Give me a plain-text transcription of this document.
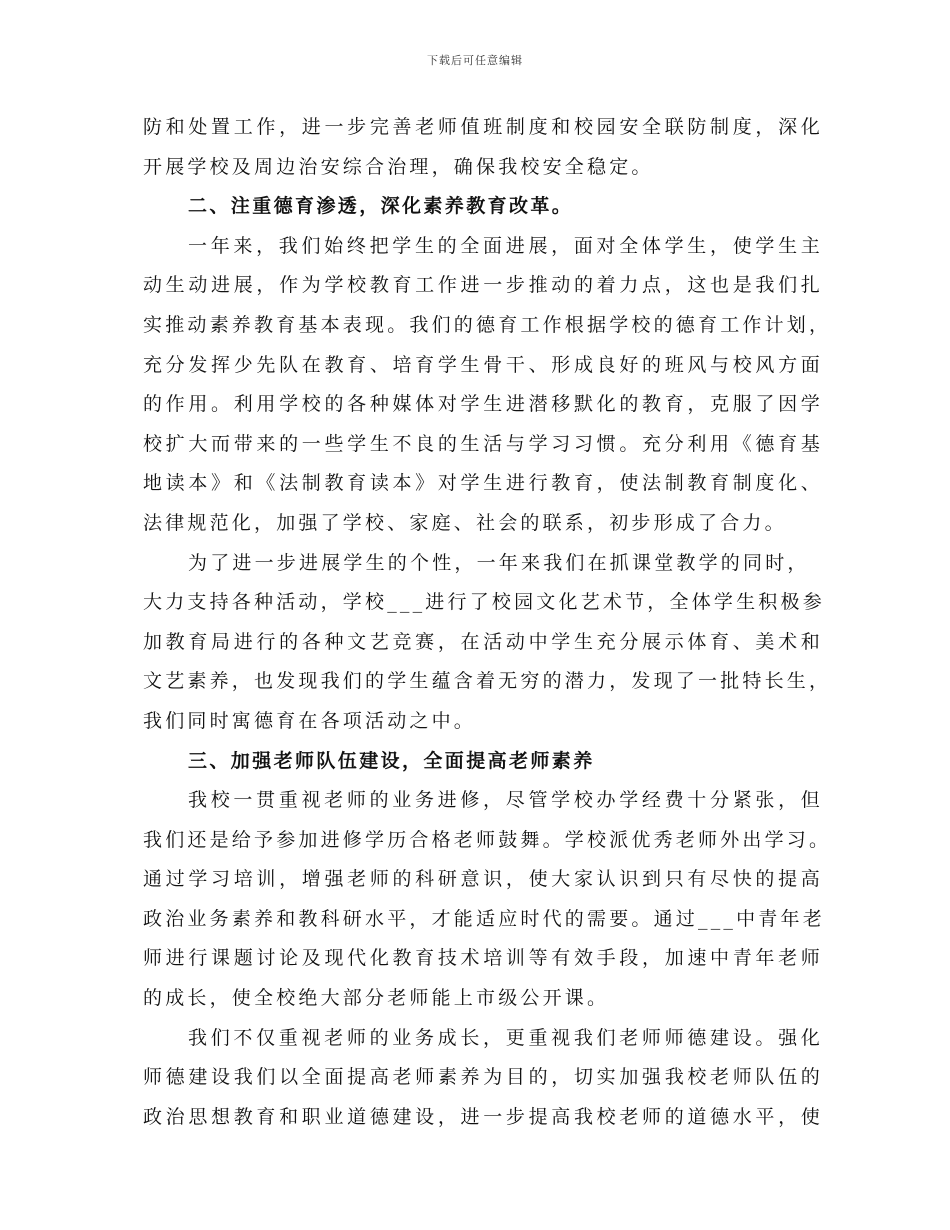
下载后可任意编辑
防和处置工作，进一步完善老师值班制度和校园安全联防制度，深化
开展学校及周边治安综合治理，确保我校安全稳定。
二、注重德育渗透，深化素养教育改革。
一年来，我们始终把学生的全面进展，面对全体学生，使学生主
动生动进展，作为学校教育工作进一步推动的着力点，这也是我们扎
实推动素养教育基本表现。我们的德育工作根据学校的德育工作计划，
充分发挥少先队在教育、培育学生骨干、形成良好的班风与校风方面
的作用。利用学校的各种媒体对学生进潜移默化的教育，克服了因学
校扩大而带来的一些学生不良的生活与学习习惯。充分利用《德育基
地读本》和《法制教育读本》对学生进行教育，使法制教育制度化、
法律规范化，加强了学校、家庭、社会的联系，初步形成了合力。
为了进一步进展学生的个性，一年来我们在抓课堂教学的同时，
大力支持各种活动，学校___进行了校园文化艺术节，全体学生积极参
加教育局进行的各种文艺竞赛，在活动中学生充分展示体育、美术和
文艺素养，也发现我们的学生蕴含着无穷的潜力，发现了一批特长生，
我们同时寓德育在各项活动之中。
三、加强老师队伍建设，全面提高老师素养
我校一贯重视老师的业务进修，尽管学校办学经费十分紧张，但
我们还是给予参加进修学历合格老师鼓舞。学校派优秀老师外出学习。
通过学习培训，增强老师的科研意识，使大家认识到只有尽快的提高
政治业务素养和教科研水平，才能适应时代的需要。通过___中青年老
师进行课题讨论及现代化教育技术培训等有效手段，加速中青年老师
的成长，使全校绝大部分老师能上市级公开课。
我们不仅重视老师的业务成长，更重视我们老师师德建设。强化
师德建设我们以全面提高老师素养为目的，切实加强我校老师队伍的
政治思想教育和职业道德建设，进一步提高我校老师的道德水平，使
